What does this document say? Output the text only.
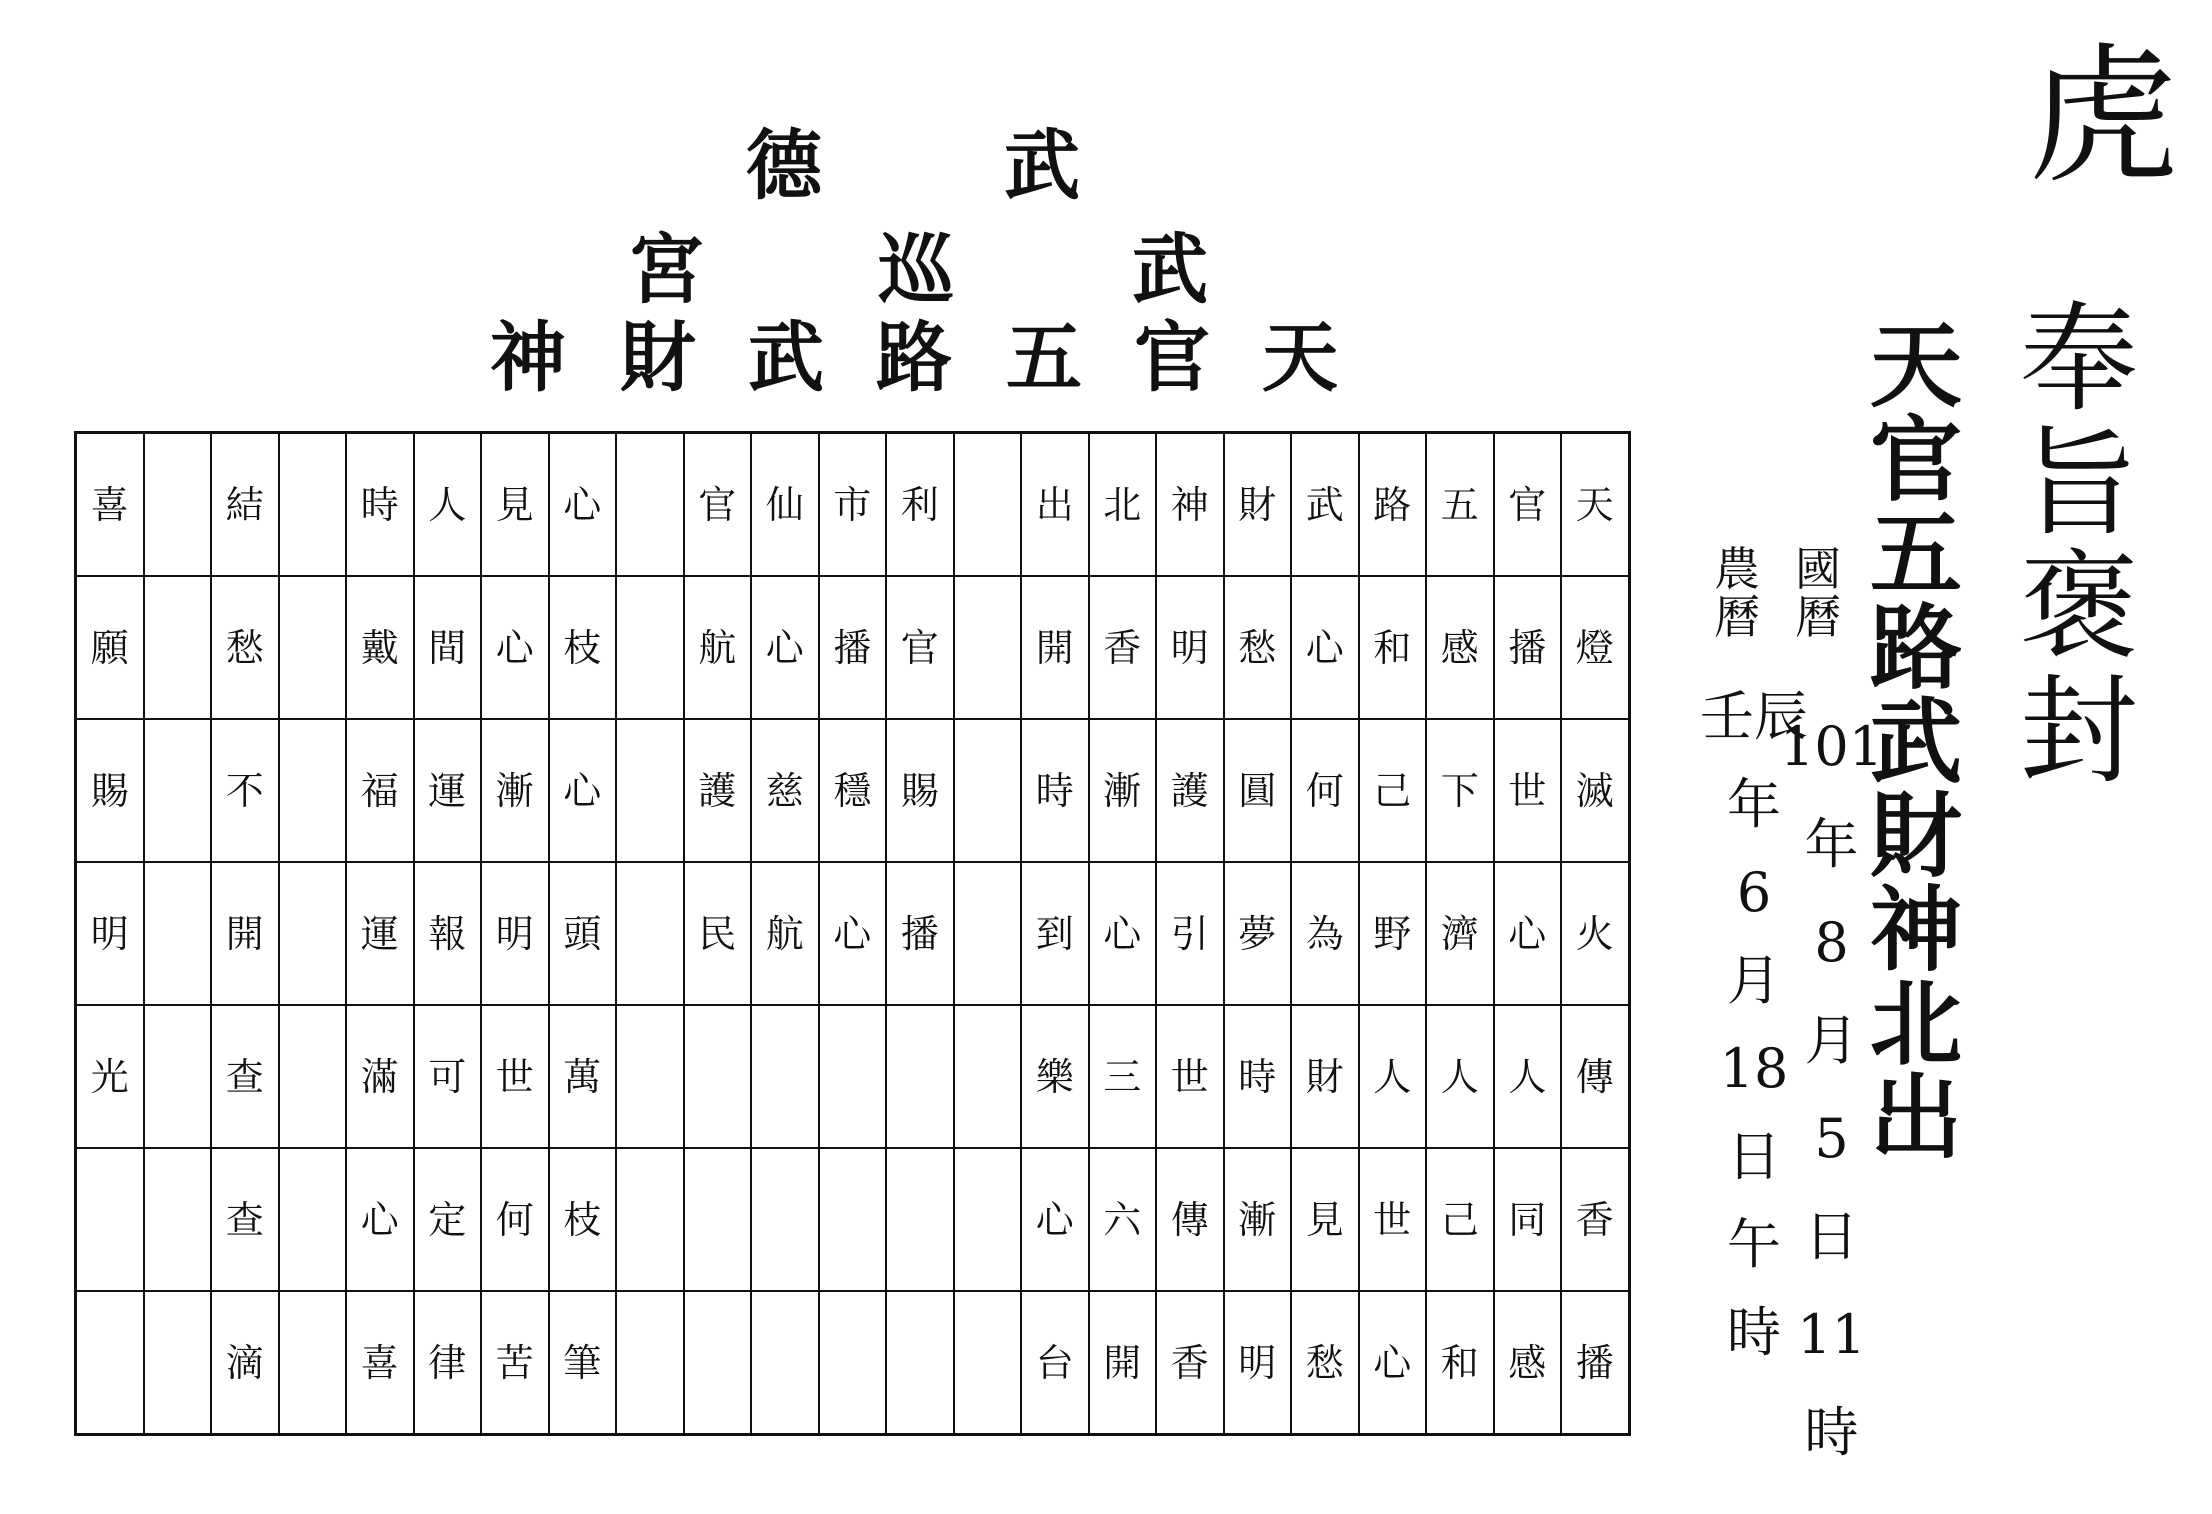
德 武
宮 巡 武
神 財 武 路 五 官 天
喜		結		時	人	見	心		官	仙	市	利		出	北	神	財	武	路	五	官	天
願		愁		戴	間	心	枝		航	心	播	官		開	香	明	愁	心	和	感	播	燈
賜		不		福	運	漸	心		護	慈	穩	賜		時	漸	護	圓	何	己	下	世	滅
明		開		運	報	明	頭		民	航	心	播		到	心	引	夢	為	野	濟	心	火
光		查		滿	可	世	萬							樂	三	世	時	財	人	人	人	傳
		查		心	定	何	枝							心	六	傳	漸	見	世	己	同	香
		滴		喜	律	苦	筆							台	開	香	明	愁	心	和	感	播
虎
奉
旨
褒
封
天
官
五
路
武
財
神
北
出
國曆
101
年
8
月
5
日
11
時
農曆
壬辰
年
6
月
18
日
午
時
